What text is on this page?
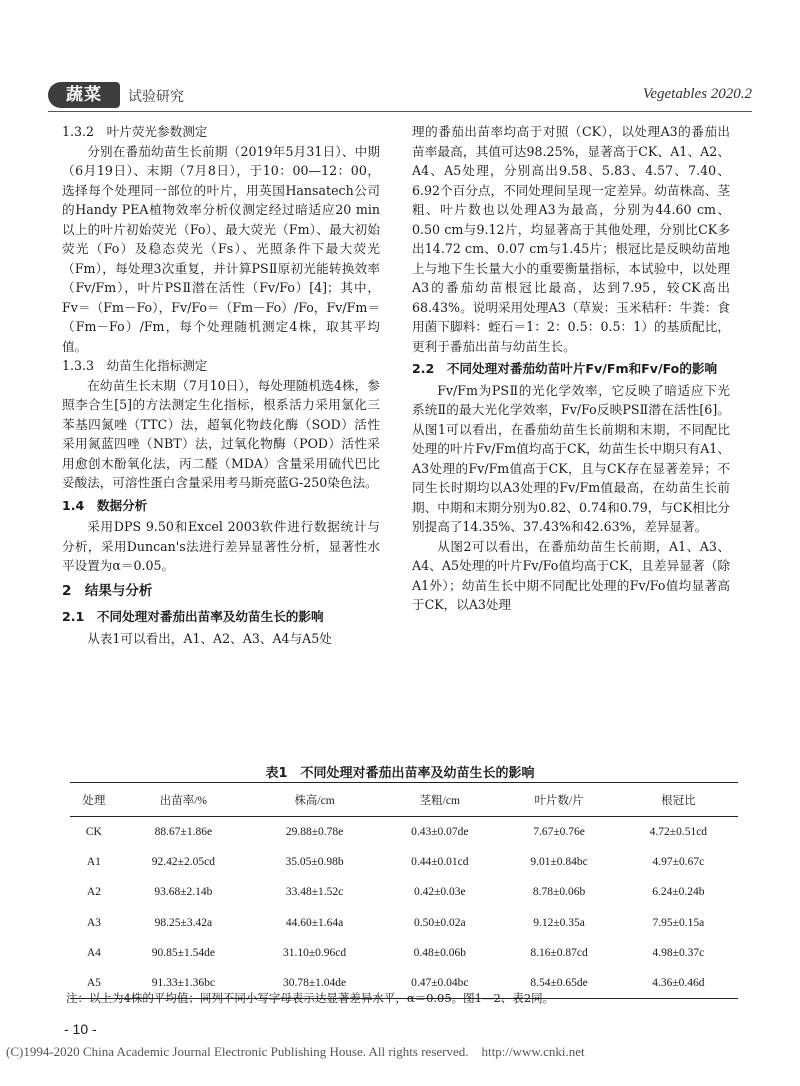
蔬菜	试验研究	Vegetables 2020.2
1.3.2　叶片荧光参数测定

分别在番茄幼苗生长前期（2019年5月31日）、中期（6月19日）、末期（7月8日），于10：00—12：00，选择每个处理同一部位的叶片，用英国Hansatech公司的Handy PEA植物效率分析仪测定经过暗适应20 min以上的叶片初始荧光（Fo）、最大荧光（Fm）、最大初始荧光（Fo）及稳态荧光（Fs）、光照条件下最大荧光（Fm），每处理3次重复，并计算PSⅡ原初光能转换效率（Fv/Fm），叶片PSⅡ潜在活性（Fv/Fo）[4]；其中，Fv＝（Fm－Fo），Fv/Fo＝（Fm－Fo）/Fo，Fv/Fm＝（Fm－Fo）/Fm，每个处理随机测定4株，取其平均值。

1.3.3　幼苗生化指标测定

在幼苗生长末期（7月10日），每处理随机选4株，参照李合生[5]的方法测定生化指标，根系活力采用氯化三苯基四氮唑（TTC）法，超氧化物歧化酶（SOD）活性采用氮蓝四唑（NBT）法，过氧化物酶（POD）活性采用愈创木酚氧化法，丙二醛（MDA）含量采用硫代巴比妥酸法，可溶性蛋白含量采用考马斯亮蓝G-250染色法。

1.4　数据分析

采用DPS 9.50和Excel 2003软件进行数据统计与分析，采用Duncan's法进行差异显著性分析，显著性水平设置为α＝0.05。

2　结果与分析
2.1　不同处理对番茄出苗率及幼苗生长的影响

从表1可以看出，A1、A2、A3、A4与A5处

理的番茄出苗率均高于对照（CK），以处理A3的番茄出苗率最高，其值可达98.25%，显著高于CK、A1、A2、A4、A5处理，分别高出9.58、5.83、4.57、7.40、6.92个百分点，不同处理间呈现一定差异。幼苗株高、茎粗、叶片数也以处理A3为最高，分别为44.60 cm、0.50 cm与9.12片，均显著高于其他处理，分别比CK多出14.72 cm、0.07 cm与1.45片；根冠比是反映幼苗地上与地下生长量大小的重要衡量指标，本试验中，以处理A3的番茄幼苗根冠比最高，达到7.95，较CK高出68.43%。说明采用处理A3（草炭：玉米秸秆：牛粪：食用菌下脚料：蛭石＝1：2：0.5：0.5：1）的基质配比，更利于番茄出苗与幼苗生长。

2.2　不同处理对番茄幼苗叶片Fv/Fm和Fv/Fo的影响

Fv/Fm为PSⅡ的光化学效率，它反映了暗适应下光系统Ⅱ的最大光化学效率，Fv/Fo反映PSⅡ潜在活性[6]。从图1可以看出，在番茄幼苗生长前期和末期，不同配比处理的叶片Fv/Fm值均高于CK，幼苗生长中期只有A1、A3处理的Fv/Fm值高于CK，且与CK存在显著差异；不同生长时期均以A3处理的Fv/Fm值最高，在幼苗生长前期、中期和末期分别为0.82、0.74和0.79，与CK相比分别提高了14.35%、37.43%和42.63%，差异显著。

从图2可以看出，在番茄幼苗生长前期，A1、A3、A4、A5处理的叶片Fv/Fo值均高于CK，且差异显著（除A1外）；幼苗生长中期不同配比处理的Fv/Fo值均显著高于CK，以A3处理

表1　不同处理对番茄出苗率及幼苗生长的影响
处理	出苗率/%	株高/cm	茎粗/cm	叶片数/片	根冠比
CK	88.67±1.86e	29.88±0.78e	0.43±0.07de	7.67±0.76e	4.72±0.51cd
A1	92.42±2.05cd	35.05±0.98b	0.44±0.01cd	9.01±0.84bc	4.97±0.67c
A2	93.68±2.14b	33.48±1.52c	0.42±0.03e	8.78±0.06b	6.24±0.24b
A3	98.25±3.42a	44.60±1.64a	0.50±0.02a	9.12±0.35a	7.95±0.15a
A4	90.85±1.54de	31.10±0.96cd	0.48±0.06b	8.16±0.87cd	4.98±0.37c
A5	91.33±1.36bc	30.78±1.04de	0.47±0.04bc	8.54±0.65de	4.36±0.46d
注：以上为4株的平均值；同列不同小写字母表示达显著差异水平，α＝0.05。图1—2、表2同。
- 10 -
(C)1994-2020 China Academic Journal Electronic Publishing House. All rights reserved.    http://www.cnki.net
